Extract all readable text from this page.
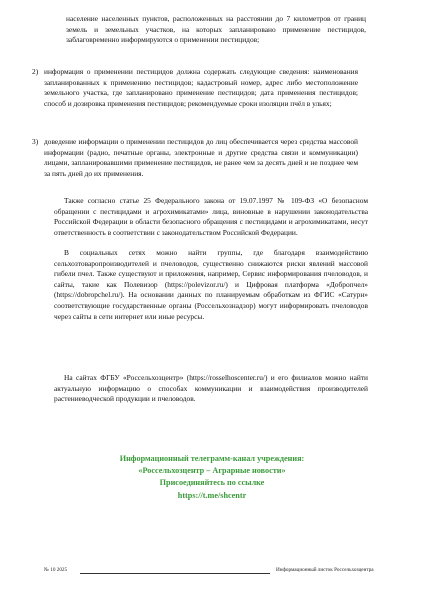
население населенных пунктов, расположенных на расстоянии до 7 километров от границ земель и земельных участков, на которых запланировано применение пестицидов, заблаговременно информируются о применении пестицидов;
2) информация о применении пестицидов должна содержать следующие сведения: наименования запланированных к применению пестицидов; кадастровый номер, адрес либо местоположение земельного участка, где запланировано применение пестицидов; дата применения пестицидов; способ и дозировка применения пестицидов; рекомендуемые сроки изоляции пчёл в ульях;
3) доведение информации о применении пестицидов до лиц обеспечивается через средства массовой информации (радио, печатные органы, электронные и другие средства связи и коммуникации) лицами, запланировавшими применение пестицидов, не ранее чем за десять дней и не позднее чем за пять дней до их применения.
Также согласно статье 25 Федерального закона от 19.07.1997 № 109-ФЗ «О безопасном обращении с пестицидами и агрохимикатами» лица, виновные в нарушении законодательства Российской Федерации в области безопасного обращения с пестицидами и агрохимикатами, несут ответственность в соответствии с законодательством Российской Федерации.
В социальных сетях можно найти группы, где благодаря взаимодействию сельхозтоваропроизводителей и пчеловодов, существенно снижаются риски явлений массовой гибели пчел. Также существуют и приложения, например, Сервис информирования пчеловодов, и сайты, такие как Полевизор (https://polevizor.ru/) и Цифровая платформа «Добропчел» (https://dobropchel.ru/). На основании данных по планируемым обработкам из ФГИС «Сатурн» соответствующие государственные органы (Россельхознадзор) могут информировать пчеловодов через сайты в сети интернет или иные ресурсы.
На сайтах ФГБУ «Россельхозцентр» (https://rosselhoscenter.ru/) и его филиалов можно найти актуальную информацию о способах коммуникации и взаимодействия производителей растениеводческой продукции и пчеловодов.
Информационный телеграмм-канал учреждения:
«Россельхозцентр – Аграрные новости»
Присоединяйтесь по ссылке
https://t.me/shcentr
№ 10 2025	Информационный листок Россельхозцентра
